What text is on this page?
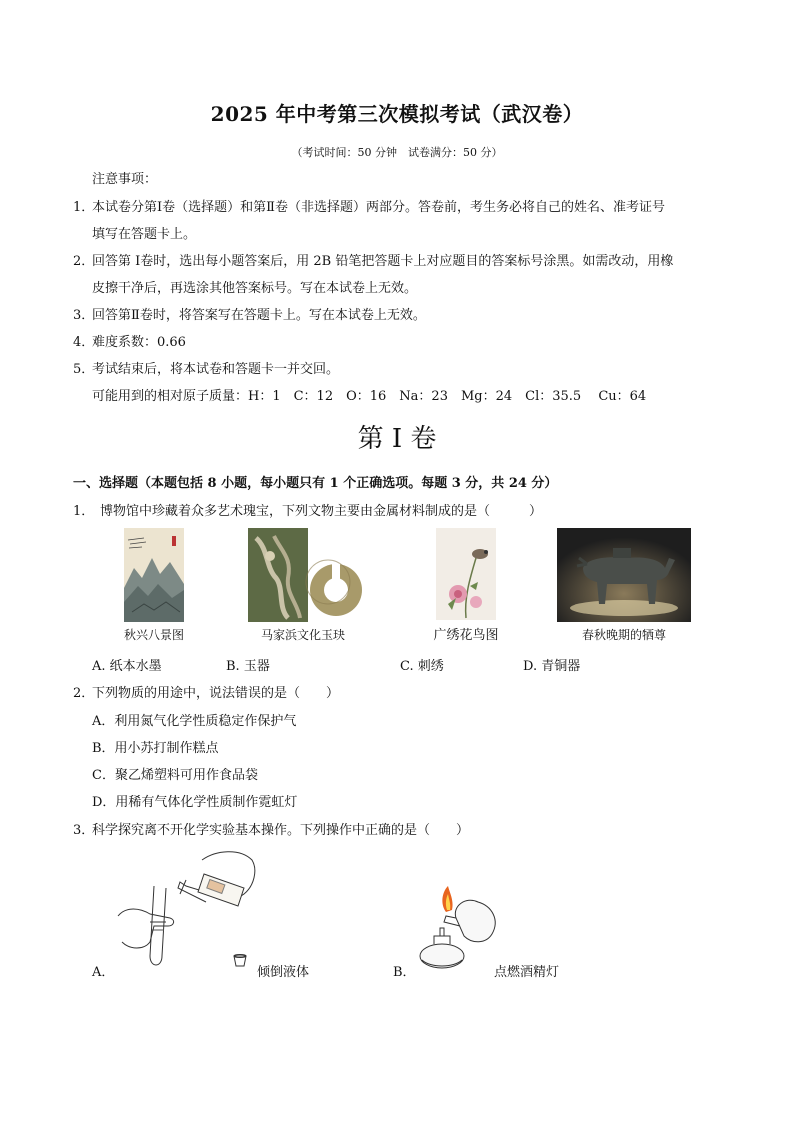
2025 年中考第三次模拟考试（武汉卷）
（考试时间：50 分钟　试卷满分：50 分）
注意事项：
1．
本试卷分第Ⅰ卷（选择题）和第Ⅱ卷（非选择题）两部分。答卷前，考生务必将自己的姓名、准考证号
填写在答题卡上。
2．
回答第 Ⅰ卷时，选出每小题答案后，用 2B 铅笔把答题卡上对应题目的答案标号涂黑。如需改动，用橡
皮擦干净后，再选涂其他答案标号。写在本试卷上无效。
3．
回答第Ⅱ卷时，将答案写在答题卡上。写在本试卷上无效。
4．
难度系数：0.66
5．
考试结束后，将本试卷和答题卡一并交回。
可能用到的相对原子质量：H：1　C：12　O：16　Na：23　Mg：24　Cl：35.5　 Cu：64
第 I 卷
一、选择题（本题包括 8 小题，每小题只有 1 个正确选项。每题 3 分，共 24 分）
1． 博物馆中珍藏着众多艺术瑰宝，下列文物主要由金属材料制成的是（　　　）
秋兴八景图	马家浜文化玉玦	广绣花鸟图	春秋晚期的牺尊
A. 纸本水墨	B. 玉器	C. 刺绣	D. 青铜器
2．
下列物质的用途中，说法错误的是（　　）
A．利用氮气化学性质稳定作保护气
B．用小苏打制作糕点
C．聚乙烯塑料可用作食品袋
D．用稀有气体化学性质制作霓虹灯
3．
科学探究离不开化学实验基本操作。下列操作中正确的是（　　）
A．	倾倒液体	B．	点燃酒精灯
